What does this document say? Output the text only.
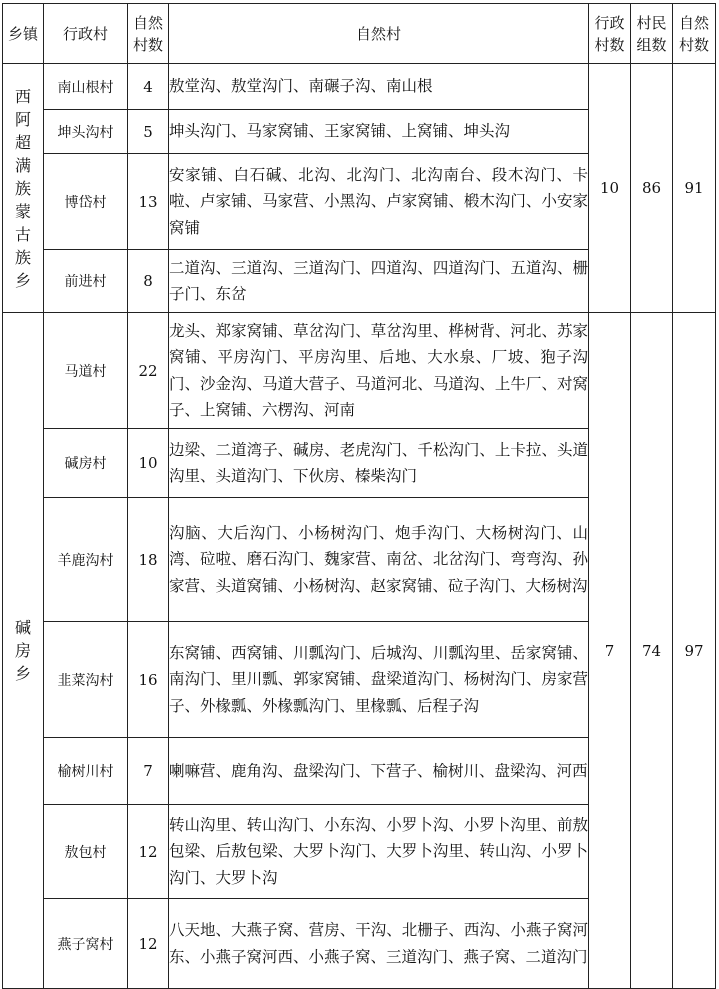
乡镇	行政村	自然村数	自然村	行政村数	村民组数	自然村数

西阿超满族蒙古族乡	南山根村	4	敖堂沟、敖堂沟门、南碾子沟、南山根	10	86	91
	坤头沟村	5	坤头沟门、马家窝铺、王家窝铺、上窝铺、坤头沟			
	博岱村	13	安家铺、白石碱、北沟、北沟门、北沟南台、段木沟门、卡啦、卢家铺、马家营、小黑沟、卢家窝铺、椴木沟门、小安家窝铺			
	前进村	8	二道沟、三道沟、三道沟门、四道沟、四道沟门、五道沟、栅子门、东岔			

碱房乡	马道村	22	龙头、郑家窝铺、草岔沟门、草岔沟里、桦树背、河北、苏家窝铺、平房沟门、平房沟里、后地、大水泉、厂坡、狍子沟门、沙金沟、马道大营子、马道河北、马道沟、上牛厂、对窝子、上窝铺、六楞沟、河南	7	74	97
	碱房村	10	边梁、二道湾子、碱房、老虎沟门、千松沟门、上卡拉、头道沟里、头道沟门、下伙房、榛柴沟门			
	羊鹿沟村	18	沟脑、大后沟门、小杨树沟门、炮手沟门、大杨树沟门、山湾、砬啦、磨石沟门、魏家营、南岔、北岔沟门、弯弯沟、孙家营、头道窝铺、小杨树沟、赵家窝铺、砬子沟门、大杨树沟			
	韭菜沟村	16	东窝铺、西窝铺、川瓢沟门、后城沟、川瓢沟里、岳家窝铺、南沟门、里川瓢、郭家窝铺、盘梁道沟门、杨树沟门、房家营子、外椽瓢、外椽瓢沟门、里椽瓢、后程子沟			
	榆树川村	7	喇嘛营、鹿角沟、盘梁沟门、下营子、榆树川、盘梁沟、河西			
	敖包村	12	转山沟里、转山沟门、小东沟、小罗卜沟、小罗卜沟里、前敖包梁、后敖包梁、大罗卜沟门、大罗卜沟里、转山沟、小罗卜沟门、大罗卜沟			
	燕子窝村	12	八天地、大燕子窝、营房、干沟、北栅子、西沟、小燕子窝河东、小燕子窝河西、小燕子窝、三道沟门、燕子窝、二道沟门			
